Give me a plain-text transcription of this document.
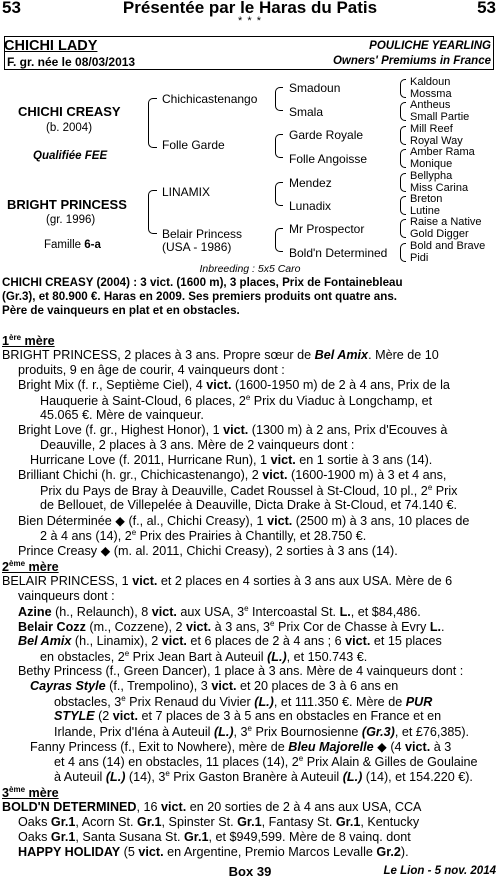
53	Présentée par le Haras du Patis	53
* * *
CHICHI LADY	POULICHE YEARLING
F. gr. née le 08/03/2013	Owners' Premiums in France
CHICHI CREASY
(b. 2004)
Qualifiée FEE
BRIGHT PRINCESS
(gr. 1996)
Famille 6-a
Chichicastenango
Folle Garde
LINAMIX
Belair Princess
(USA - 1986)
Smadoun
Smala
Garde Royale
Folle Angoisse
Mendez
Lunadix
Mr Prospector
Bold'n Determined
Kaldoun
Mossma
Antheus
Small Partie
Mill Reef
Royal Way
Amber Rama
Monique
Bellypha
Miss Carina
Breton
Lutine
Raise a Native
Gold Digger
Bold and Brave
Pidi
Inbreeding : 5x5 Caro
CHICHI CREASY (2004) : 3 vict. (1600 m), 3 places, Prix de Fontainebleau
(Gr.3), et 80.900 €. Haras en 2009. Ses premiers produits ont quatre ans.
Père de vainqueurs en plat et en obstacles.
1ère mère
BRIGHT PRINCESS, 2 places à 3 ans. Propre sœur de Bel Amix. Mère de 10
produits, 9 en âge de courir, 4 vainqueurs dont :
Bright Mix (f. r., Septième Ciel), 4 vict. (1600-1950 m) de 2 à 4 ans, Prix de la
Hauquerie à Saint-Cloud, 6 places, 2e Prix du Viaduc à Longchamp, et
45.065 €. Mère de vainqueur.
Bright Love (f. gr., Highest Honor), 1 vict. (1300 m) à 2 ans, Prix d'Ecouves à
Deauville, 2 places à 3 ans. Mère de 2 vainqueurs dont :
Hurricane Love (f. 2011, Hurricane Run), 1 vict. en 1 sortie à 3 ans (14).
Brilliant Chichi (h. gr., Chichicastenango), 2 vict. (1600-1900 m) à 3 et 4 ans,
Prix du Pays de Bray à Deauville, Cadet Roussel à St-Cloud, 10 pl., 2e Prix
de Bellouet, de Villepelée à Deauville, Dicta Drake à St-Cloud, et 74.140 €.
Bien Déterminée ◆ (f., al., Chichi Creasy), 1 vict. (2500 m) à 3 ans, 10 places de
2 à 4 ans (14), 2e Prix des Prairies à Chantilly, et 28.750 €.
Prince Creasy ◆ (m. al. 2011, Chichi Creasy), 2 sorties à 3 ans (14).
2ème mère
BELAIR PRINCESS, 1 vict. et 2 places en 4 sorties à 3 ans aux USA. Mère de 6
vainqueurs dont :
Azine (h., Relaunch), 8 vict. aux USA, 3e Intercoastal St. L., et $84,486.
Belair Cozz (m., Cozzene), 2 vict. à 3 ans, 3e Prix Cor de Chasse à Evry L..
Bel Amix (h., Linamix), 2 vict. et 6 places de 2 à 4 ans ; 6 vict. et 15 places
en obstacles, 2e Prix Jean Bart à Auteuil (L.), et 150.743 €.
Bethy Princess (f., Green Dancer), 1 place à 3 ans. Mère de 4 vainqueurs dont :
Cayras Style (f., Trempolino), 3 vict. et 20 places de 3 à 6 ans en
obstacles, 3e Prix Renaud du Vivier (L.), et 111.350 €. Mère de PUR
STYLE (2 vict. et 7 places de 3 à 5 ans en obstacles en France et en
Irlande, Prix d'Iéna à Auteuil (L.), 3e Prix Bournosienne (Gr.3), et £76,385).
Fanny Princess (f., Exit to Nowhere), mère de Bleu Majorelle ◆ (4 vict. à 3
et 4 ans (14) en obstacles, 11 places (14), 2e Prix Alain & Gilles de Goulaine
à Auteuil (L.) (14), 3e Prix Gaston Branère à Auteuil (L.) (14), et 154.220 €).
3ème mère
BOLD'N DETERMINED, 16 vict. en 20 sorties de 2 à 4 ans aux USA, CCA
Oaks Gr.1, Acorn St. Gr.1, Spinster St. Gr.1, Fantasy St. Gr.1, Kentucky
Oaks Gr.1, Santa Susana St. Gr.1, et $949,599. Mère de 8 vainq. dont
HAPPY HOLIDAY (5 vict. en Argentine, Premio Marcos Levalle Gr.2).
Box 39	Le Lion - 5 nov. 2014
